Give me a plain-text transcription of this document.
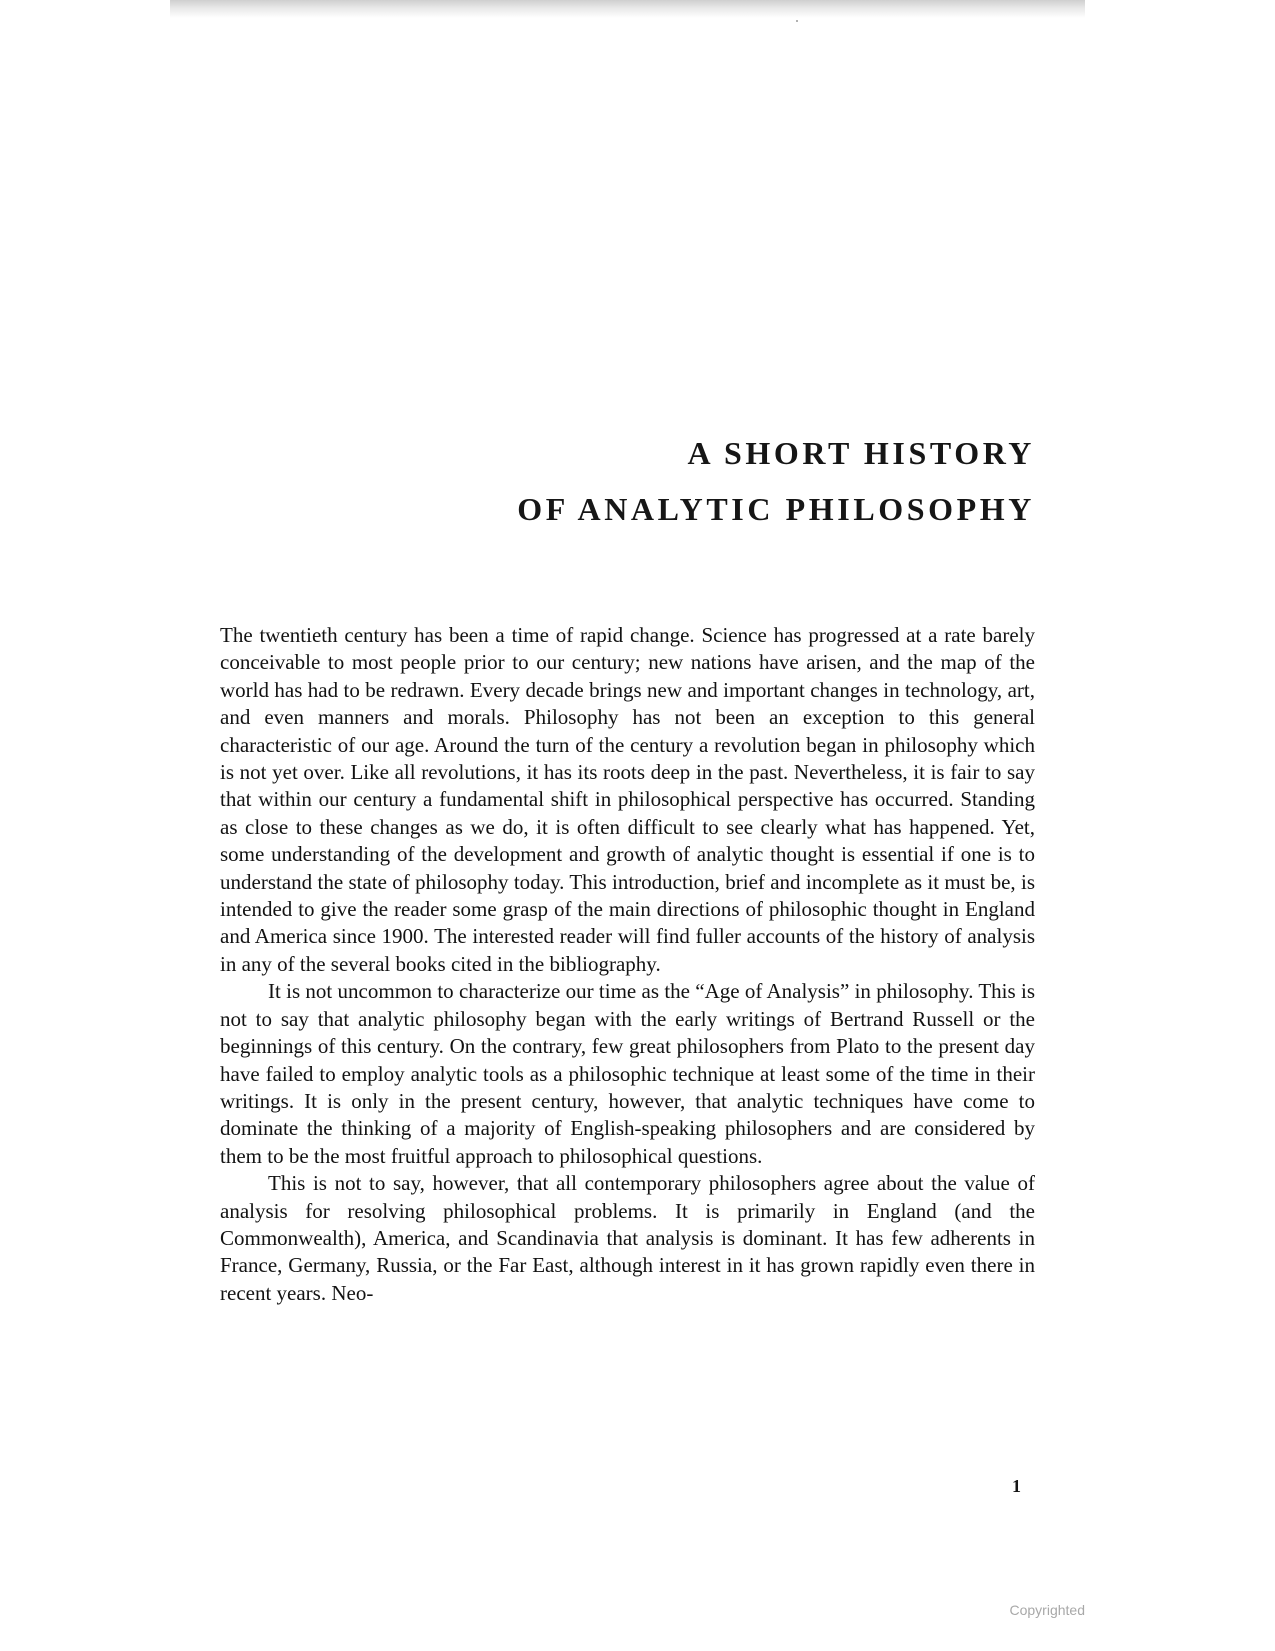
A SHORT HISTORY
OF ANALYTIC PHILOSOPHY

The twentieth century has been a time of rapid change. Science has progressed at a rate barely conceivable to most people prior to our century; new nations have arisen, and the map of the world has had to be redrawn. Every decade brings new and important changes in technology, art, and even manners and morals. Philosophy has not been an exception to this general characteristic of our age. Around the turn of the century a revolution began in philosophy which is not yet over. Like all revolutions, it has its roots deep in the past. Nevertheless, it is fair to say that within our century a fundamental shift in philosophical perspective has occurred. Standing as close to these changes as we do, it is often difficult to see clearly what has happened. Yet, some understanding of the development and growth of analytic thought is essential if one is to understand the state of philosophy today. This introduction, brief and incomplete as it must be, is intended to give the reader some grasp of the main directions of philosophic thought in England and America since 1900. The interested reader will find fuller accounts of the history of analysis in any of the several books cited in the bibliography.

It is not uncommon to characterize our time as the “Age of Analysis” in philosophy. This is not to say that analytic philosophy began with the early writings of Bertrand Russell or the beginnings of this century. On the contrary, few great philosophers from Plato to the present day have failed to employ analytic tools as a philosophic technique at least some of the time in their writings. It is only in the present century, however, that analytic techniques have come to dominate the thinking of a majority of English-speaking philosophers and are considered by them to be the most fruitful approach to philosophical questions.

This is not to say, however, that all contemporary philosophers agree about the value of analysis for resolving philosophical problems. It is primarily in England (and the Commonwealth), America, and Scandinavia that analysis is dominant. It has few adherents in France, Germany, Russia, or the Far East, although interest in it has grown rapidly even there in recent years. Neo-

1
Copyrighted
